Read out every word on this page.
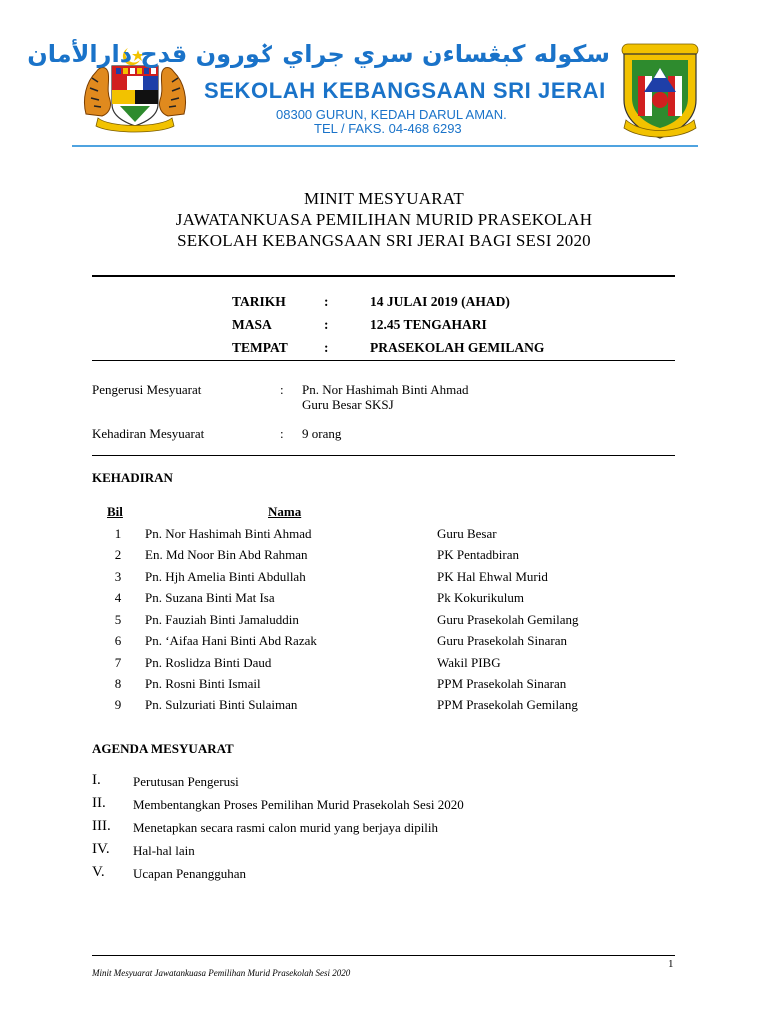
سكوله كبڠساءن سري جراي ݢورون قدح دارالأمان
SEKOLAH KEBANGSAAN SRI JERAI
08300 GURUN, KEDAH DARUL AMAN.
TEL / FAKS. 04-468 6293
MINIT MESYUARAT
JAWATANKUASA PEMILIHAN MURID PRASEKOLAH
SEKOLAH KEBANGSAAN SRI JERAI BAGI SESI 2020
TARIKH	:	14 JULAI 2019 (AHAD)
MASA	:	12.45 TENGAHARI
TEMPAT	:	PRASEKOLAH GEMILANG
Pengerusi Mesyuarat	: Pn. Nor Hashimah Binti Ahmad
Guru Besar SKSJ
Kehadiran Mesyuarat	: 9 orang
KEHADIRAN
Bil	Nama
1 Pn. Nor Hashimah Binti Ahmad	Guru Besar
2 En. Md Noor Bin Abd Rahman	PK Pentadbiran
3 Pn. Hjh Amelia Binti Abdullah	PK Hal Ehwal Murid
4 Pn. Suzana Binti Mat Isa	Pk Kokurikulum
5 Pn. Fauziah Binti Jamaluddin	Guru Prasekolah Gemilang
6 Pn. ‘Aifaa Hani Binti Abd Razak	Guru Prasekolah Sinaran
7 Pn. Roslidza Binti Daud	Wakil PIBG
8 Pn. Rosni Binti Ismail	PPM Prasekolah Sinaran
9 Pn. Sulzuriati Binti Sulaiman	PPM Prasekolah Gemilang
AGENDA MESYUARAT
I. Perutusan Pengerusi
II. Membentangkan Proses Pemilihan Murid Prasekolah Sesi 2020
III. Menetapkan secara rasmi calon murid yang berjaya dipilih
IV. Hal-hal lain
V. Ucapan Penangguhan
1
Minit Mesyuarat Jawatankuasa Pemilihan Murid Prasekolah Sesi 2020
